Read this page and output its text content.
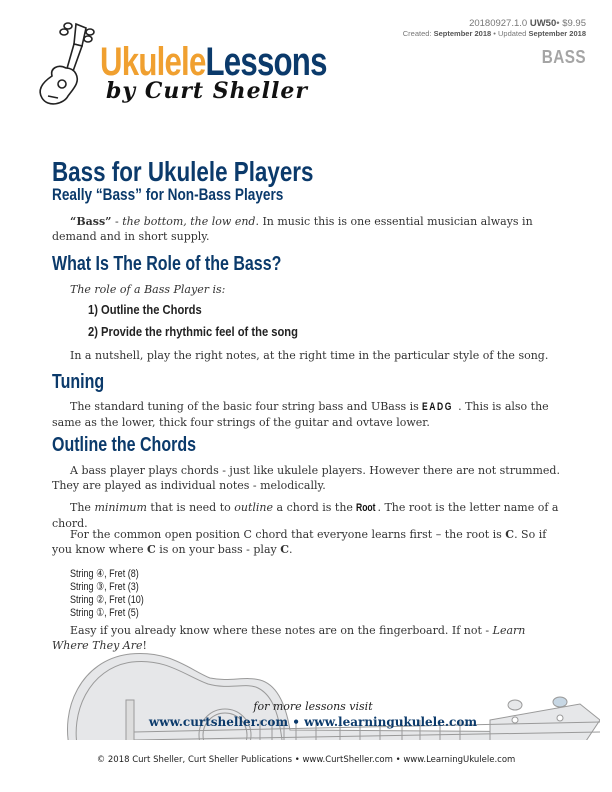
20180927.1.0 UW50• $9.95
Created: September 2018 • Updated September 2018
BASS
UkuleleLessons
by Curt Sheller
Bass for Ukulele Players
Really “Bass” for Non-Bass Players
“Bass” - the bottom, the low end. In music this is one essential musician always in demand and in short supply.
What Is The Role of the Bass?
The role of a Bass Player is:
1) Outline the Chords
2) Provide the rhythmic feel of the song
In a nutshell, play the right notes, at the right time in the particular style of the song.
Tuning
The standard tuning of the basic four string bass and UBass is EADG . This is also the same as the lower, thick four strings of the guitar and ovtave lower.
Outline the Chords
A bass player plays chords - just like ukulele players. However there are not strummed. They are played as individual notes - melodically.
The minimum that is need to outline a chord is the Root . The root is the letter name of a chord.
For the common open position C chord that everyone learns first – the root is C. So if you know where C is on your bass - play C.
String ④, Fret (8)
String ③, Fret (3)
String ②, Fret (10)
String ①, Fret (5)
Easy if you already know where these notes are on the fingerboard. If not - Learn Where They Are!
for more lessons visit
www.curtsheller.com • www.learningukulele.com
© 2018 Curt Sheller, Curt Sheller Publications • www.CurtSheller.com • www.LearningUkulele.com
